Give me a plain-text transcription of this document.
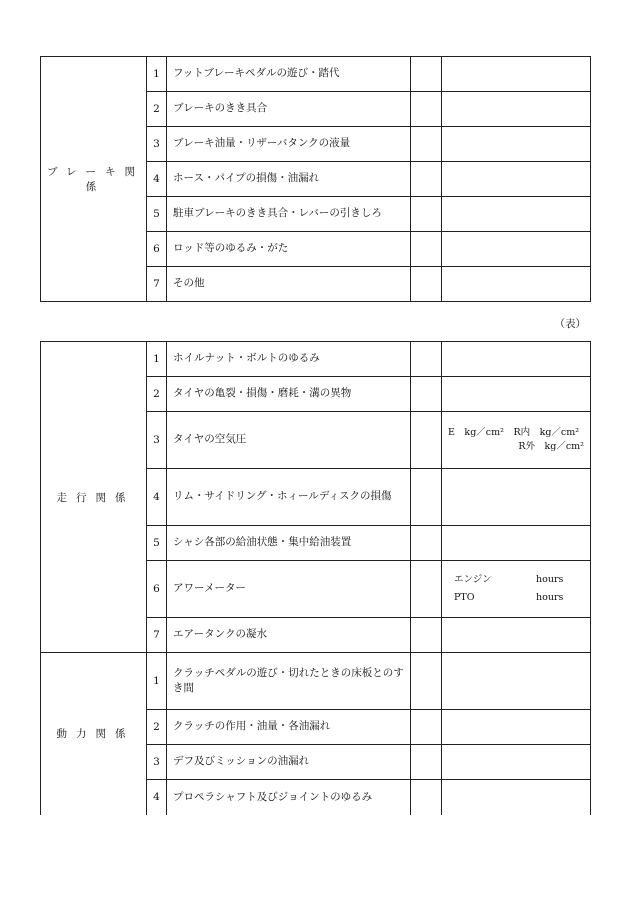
ブレーキ関係	1	フットブレーキペダルの遊び・踏代		
	2	ブレーキのきき具合		
	3	ブレーキ油量・リザーバタンクの液量		
	4	ホース・パイプの損傷・油漏れ		
	5	駐車ブレーキのきき具合・レバーの引きしろ		
	6	ロッド等のゆるみ・がた		
	7	その他		
（表）
走行関係	1	ホイルナット・ボルトのゆるみ		
	2	タイヤの亀裂・損傷・磨耗・溝の異物		
	3	タイヤの空気圧		E　kg／cm²　 R内　kg／cm²
R外　kg／cm²

	4	リム・サイドリング・ホィールディスクの損傷		
	5	シャシ各部の給油状態・集中給油装置		
	6	アワーメーター		エンジン hours
PTO hours

	7	エアータンクの凝水		
動力関係	1	クラッチペダルの遊び・切れたときの床板とのすき間		
	2	クラッチの作用・油量・各油漏れ		
	3	デフ及びミッションの油漏れ		
	4	プロペラシャフト及びジョイントのゆるみ		
